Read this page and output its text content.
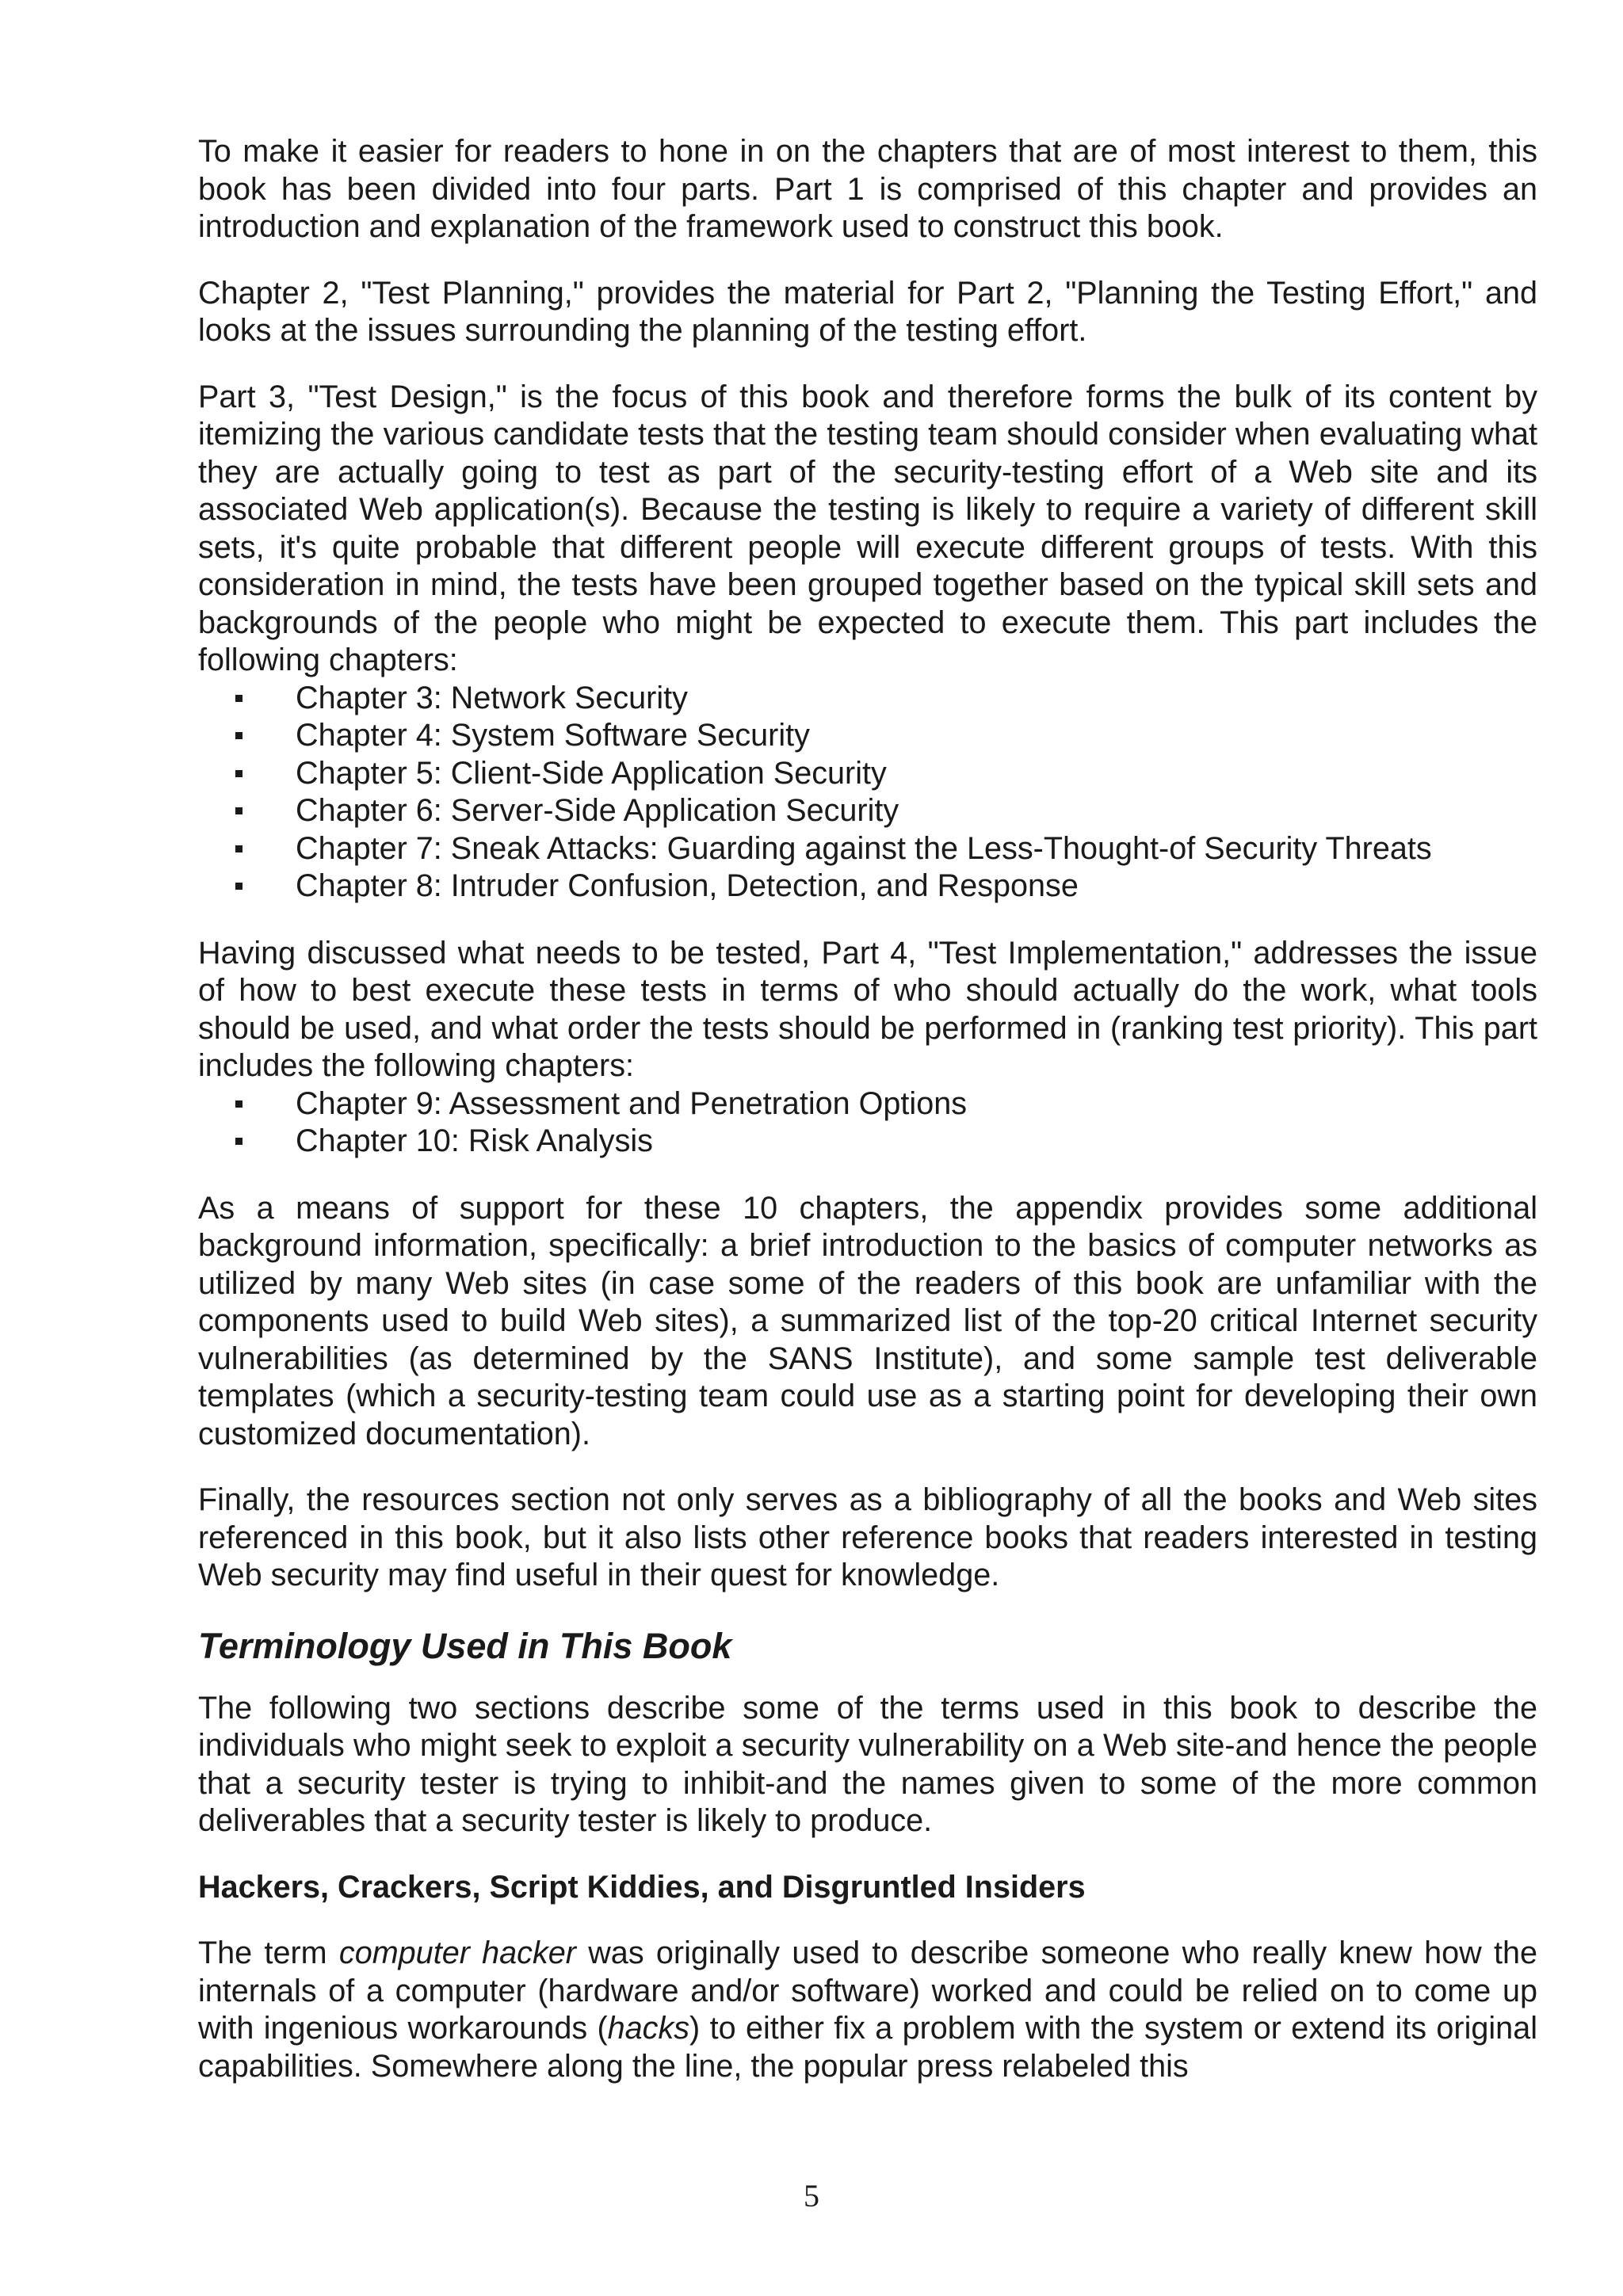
To make it easier for readers to hone in on the chapters that are of most interest to them, this book has been divided into four parts. Part 1 is comprised of this chapter and provides an introduction and explanation of the framework used to construct this book.

Chapter 2, "Test Planning," provides the material for Part 2, "Planning the Testing Effort," and looks at the issues surrounding the planning of the testing effort.

Part 3, "Test Design," is the focus of this book and therefore forms the bulk of its content by itemizing the various candidate tests that the testing team should consider when evaluating what they are actually going to test as part of the security-testing effort of a Web site and its associated Web application(s). Because the testing is likely to require a variety of different skill sets, it's quite probable that different people will execute different groups of tests. With this consideration in mind, the tests have been grouped together based on the typical skill sets and backgrounds of the people who might be expected to execute them. This part includes the following chapters:

Chapter 3: Network Security
Chapter 4: System Software Security
Chapter 5: Client-Side Application Security
Chapter 6: Server-Side Application Security
Chapter 7: Sneak Attacks: Guarding against the Less-Thought-of Security Threats
Chapter 8: Intruder Confusion, Detection, and Response

Having discussed what needs to be tested, Part 4, "Test Implementation," addresses the issue of how to best execute these tests in terms of who should actually do the work, what tools should be used, and what order the tests should be performed in (ranking test priority). This part includes the following chapters:

Chapter 9: Assessment and Penetration Options
Chapter 10: Risk Analysis

As a means of support for these 10 chapters, the appendix provides some additional background information, specifically: a brief introduction to the basics of computer networks as utilized by many Web sites (in case some of the readers of this book are unfamiliar with the components used to build Web sites), a summarized list of the top-20 critical Internet security vulnerabilities (as determined by the SANS Institute), and some sample test deliverable templates (which a security-testing team could use as a starting point for developing their own customized documentation).

Finally, the resources section not only serves as a bibliography of all the books and Web sites referenced in this book, but it also lists other reference books that readers interested in testing Web security may find useful in their quest for knowledge.

Terminology Used in This Book

The following two sections describe some of the terms used in this book to describe the individuals who might seek to exploit a security vulnerability on a Web site-and hence the people that a security tester is trying to inhibit-and the names given to some of the more common deliverables that a security tester is likely to produce.

Hackers, Crackers, Script Kiddies, and Disgruntled Insiders

The term computer hacker was originally used to describe someone who really knew how the internals of a computer (hardware and/or software) worked and could be relied on to come up with ingenious workarounds (hacks) to either fix a problem with the system or extend its original capabilities. Somewhere along the line, the popular press relabeled this

5
